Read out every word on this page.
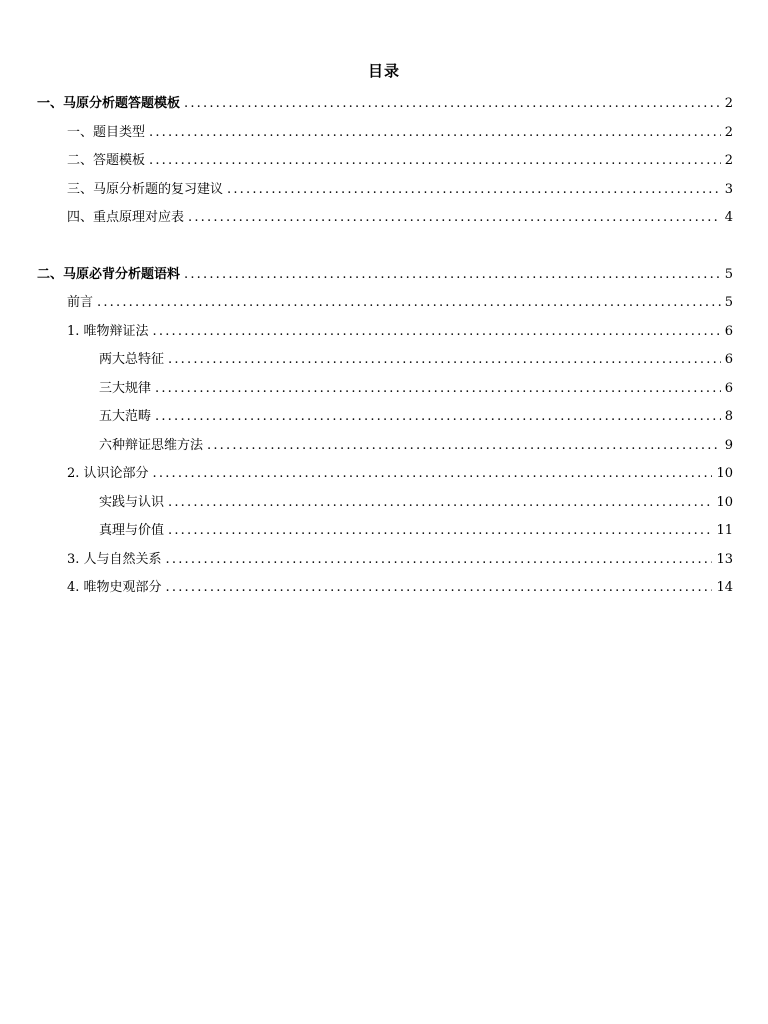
目录
一、马原分析题答题模板 .....	2
一、题目类型 .....	2
二、答题模板 .....	2
三、马原分析题的复习建议 .....	3
四、重点原理对应表 .....	4
二、马原必背分析题语料 .....	5
前言 .....	5
1. 唯物辩证法 .....	6
两大总特征 .....	6
三大规律 .....	6
五大范畴 .....	8
六种辩证思维方法 .....	9
2. 认识论部分 .....	10
实践与认识 .....	10
真理与价值 .....	11
3. 人与自然关系 .....	13
4. 唯物史观部分 .....	14
